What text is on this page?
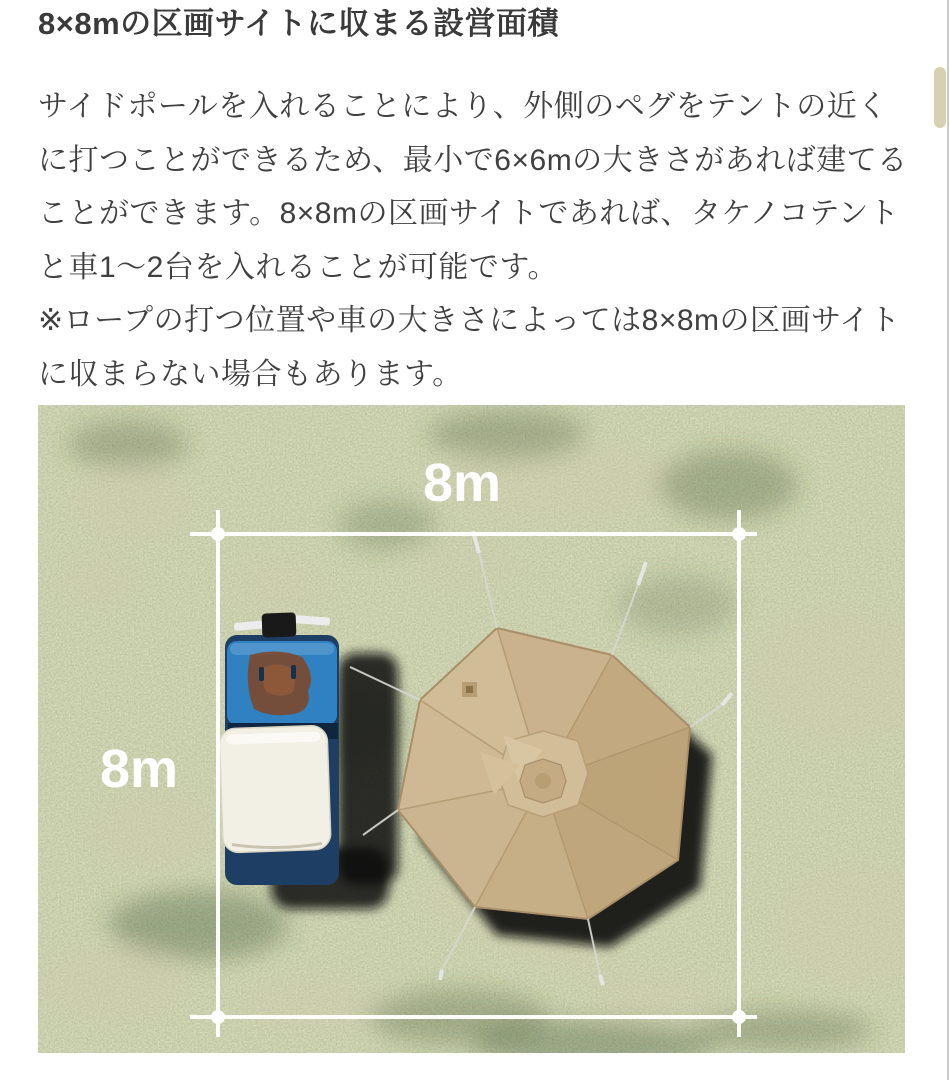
8×8mの区画サイトに収まる設営面積
サイドポールを入れることにより、外側のペグをテントの近くに打つことができるため、最小で6×6mの大きさがあれば建てることができます。8×8mの区画サイトであれば、タケノコテントと車1〜2台を入れることが可能です。
※ロープの打つ位置や車の大きさによっては8×8mの区画サイトに収まらない場合もあります。
8m
8m
